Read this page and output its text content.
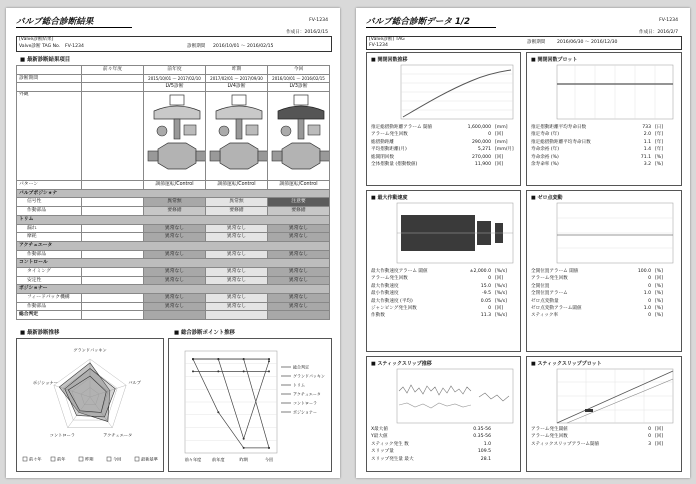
バルブ総合診断結果	FV-1234
作成日：2016/2/15
[Valve診断結果]
Valve診断 TAG No. FV-1234	診断期間 2016/10/01 ～ 2016/02/15
■ 最新診断結果項目
	前々年度	前年度	昨期	今回
診断期間		2015/10/01 ～ 2017/02/10	2017/02/01 ～ 2017/09/30	2016/10/01 ～ 2016/02/15
		LV5診断	LV4診断	LV3診断
外観				
パターン		調節運転/Control	調節運転/Control	調節運転/Control
バルブポジショナ				
信号性		異常無	異常無	注意要
作動部品		要修繕	要修繕	要修繕
トリム				
漏れ		異常なし	異常なし	異常なし
摩耗		異常なし	異常なし	異常なし
アクチュエータ				
作動部品		異常なし	異常なし	異常なし
コントロール				
タイミング		異常なし	異常なし	異常なし
安定性		異常なし	異常なし	異常なし
ポジショナー				
フィードバック機構		異常なし	異常なし	異常なし
作動部品		異常なし	異常なし	異常なし
総合判定				
■ 最新診断推移	■ 総合診断ポイント推移
グランドパッキン
バルブ
アクチュエータ
コントローラ
ポジショナー
前々年	前年	昨期	今回	最新基準	前々年度	前年度	昨期	今回
総合判定
グランドパッキン
トリム
アクチュエータ
コントローラ
ポジショナー
バルブ総合診断データ 1/2	FV-1234
作成日：2016/2/7
[Valve診断] TAG
FV-1234	診断期間	2016/06/30 ～ 2016/12/30
■ 開閉回数推移
推定総摺動距離アラーム 閾値	1,600,000 [mm]
アラーム発生回数	0 [回]
総摺動距離	290,000 [mm]
平均摺動距離(月)	5,271 [mm/月]
総開閉回数	270,000 [回]
全体摺動量 (摺動数値)	11,900 [回]
■ 開閉回数プロット
推定摺動距離平均寿命日数	733 [日]
推定寿命 (年)	2.0 [年]
推定総摺動距離平均寿命日数	1.1 [年]
寿命余裕 (年)	1.4 [年]
寿命余裕 (%)	71.1 [%]
余寿命率 (%)	3.2 [%]
■ 最大作動速度
最大作動速度アラーム 閾値	±2,000.0 [%/s]
アラーム発生回数	0 [回]
最大作動速度	15.0 [%/s]
最小作動速度	-9.5 [%/s]
最大作動速度 (平均)	0.05 [%/s]
ジャンピング発生回数	0 [回]
作動数	11.3 [%/s]
■ ゼロ点変動
全開位置アラーム 閾値	100.0 [%]
アラーム発生回数	0 [回]
全開位置	0 [%]
全閉位置アラーム	1.0 [%]
ゼロ点変動量	0 [%]
ゼロ点変動アラーム閾値	1.0 [%]
スティック率	0 [%]
■ スティックスリップ推移
X最大値	0.35-56
Y最大値	0.35-56
スティック発生 数	1.0
スリップ量	109.5
スリップ発生量 最大	28.1
■ スティックスリッププロット
アラーム発生閾値	0 [回]
アラーム発生回数	0 [回]
スティックスリップアラーム閾値	3 [回]
